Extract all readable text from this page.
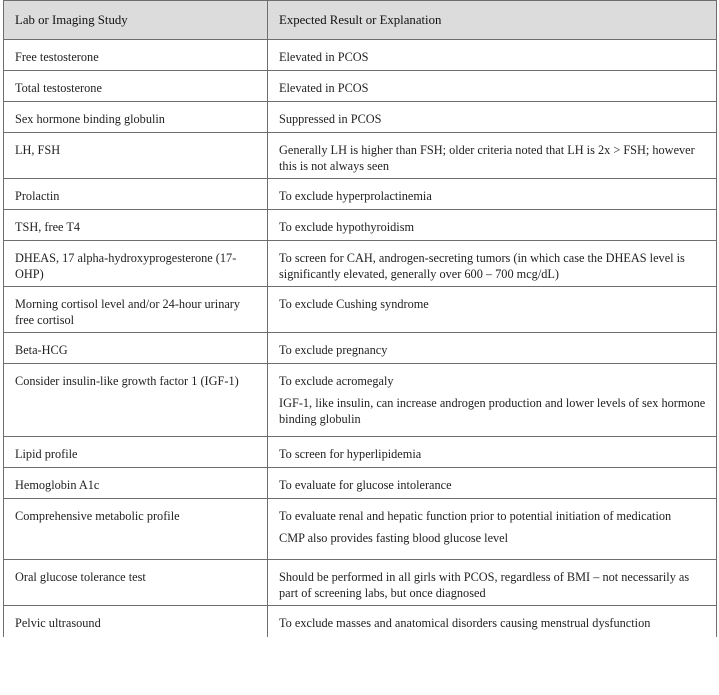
Lab or Imaging Study	Expected Result or Explanation
Free testosterone	Elevated in PCOS

Total testosterone	Elevated in PCOS

Sex hormone binding globulin	Suppressed in PCOS

LH, FSH	Generally LH is higher than FSH; older criteria noted that LH is 2x > FSH; however this is not always seen

Prolactin	To exclude hyperprolactinemia

TSH, free T4	To exclude hypothyroidism

DHEAS, 17 alpha-hydroxyprogesterone (17-OHP)	To screen for CAH, androgen-secreting tumors (in which case the DHEAS level is significantly elevated, generally over 600 – 700 mcg/dL)

Morning cortisol level and/or 24-hour urinary free cortisol	To exclude Cushing syndrome

Beta-HCG	To exclude pregnancy

Consider insulin-like growth factor 1 (IGF-1)	To exclude acromegaly

IGF-1, like insulin, can increase androgen production and lower levels of sex hormone binding globulin

Lipid profile	To screen for hyperlipidemia

Hemoglobin A1c	To evaluate for glucose intolerance

Comprehensive metabolic profile	To evaluate renal and hepatic function prior to potential initiation of medication

CMP also provides fasting blood glucose level

Oral glucose tolerance test	Should be performed in all girls with PCOS, regardless of BMI – not necessarily as part of screening labs, but once diagnosed

Pelvic ultrasound	To exclude masses and anatomical disorders causing menstrual dysfunction
